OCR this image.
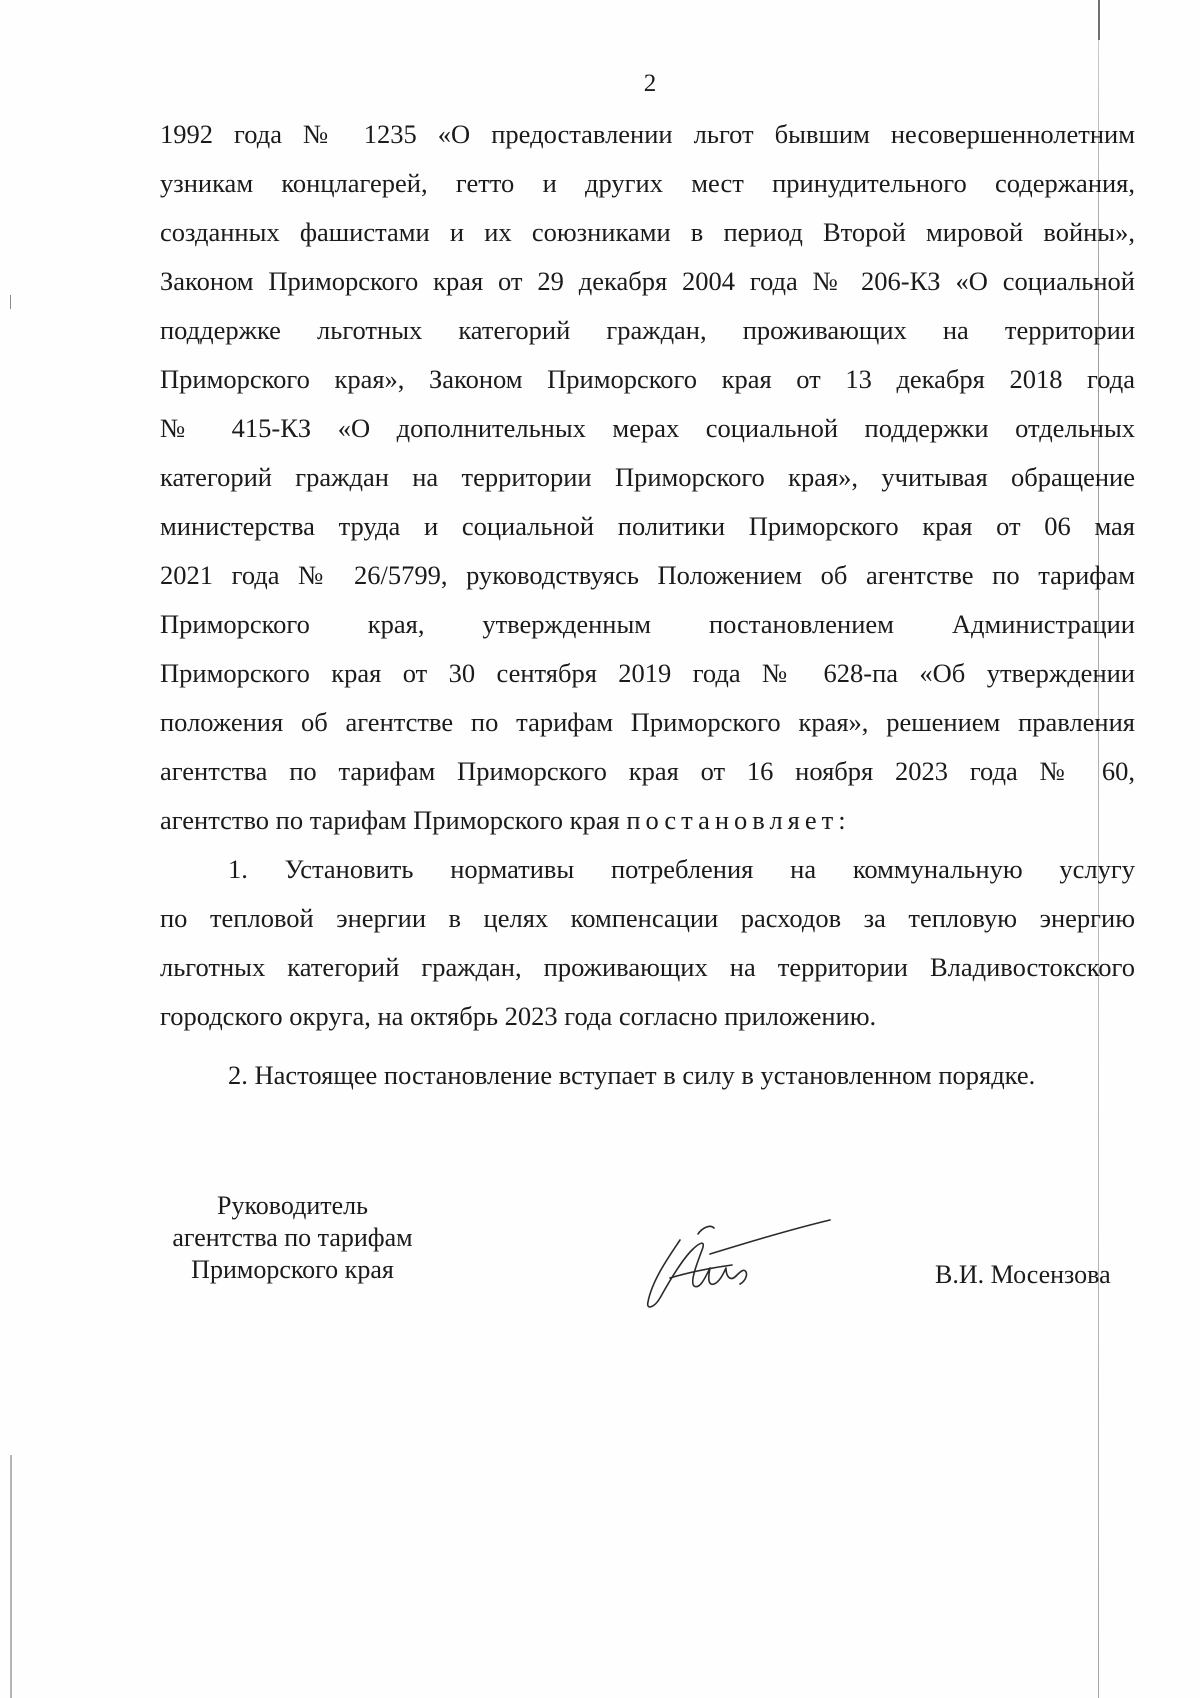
2
1992 года № 1235 «О предоставлении льгот бывшим несовершеннолетним
узникам концлагерей, гетто и других мест принудительного содержания,
созданных фашистами и их союзниками в период Второй мировой войны»,
Законом Приморского края от 29 декабря 2004 года № 206-КЗ «О социальной
поддержке льготных категорий граждан, проживающих на территории
Приморского края», Законом Приморского края от 13 декабря 2018 года
№ 415-КЗ «О дополнительных мерах социальной поддержки отдельных
категорий граждан на территории Приморского края», учитывая обращение
министерства труда и социальной политики Приморского края от 06 мая
2021 года № 26/5799, руководствуясь Положением об агентстве по тарифам
Приморского края, утвержденным постановлением Администрации
Приморского края от 30 сентября 2019 года № 628-па «Об утверждении
положения об агентстве по тарифам Приморского края», решением правления
агентства по тарифам Приморского края от 16 ноября 2023 года № 60,
агентство по тарифам Приморского края постановляет:
1. Установить нормативы потребления на коммунальную услугу
по тепловой энергии в целях компенсации расходов за тепловую энергию
льготных категорий граждан, проживающих на территории Владивостокского
городского округа, на октябрь 2023 года согласно приложению.
2. Настоящее постановление вступает в силу в установленном порядке.
Руководитель
агентства по тарифам
Приморского края	В.И. Мосензова
